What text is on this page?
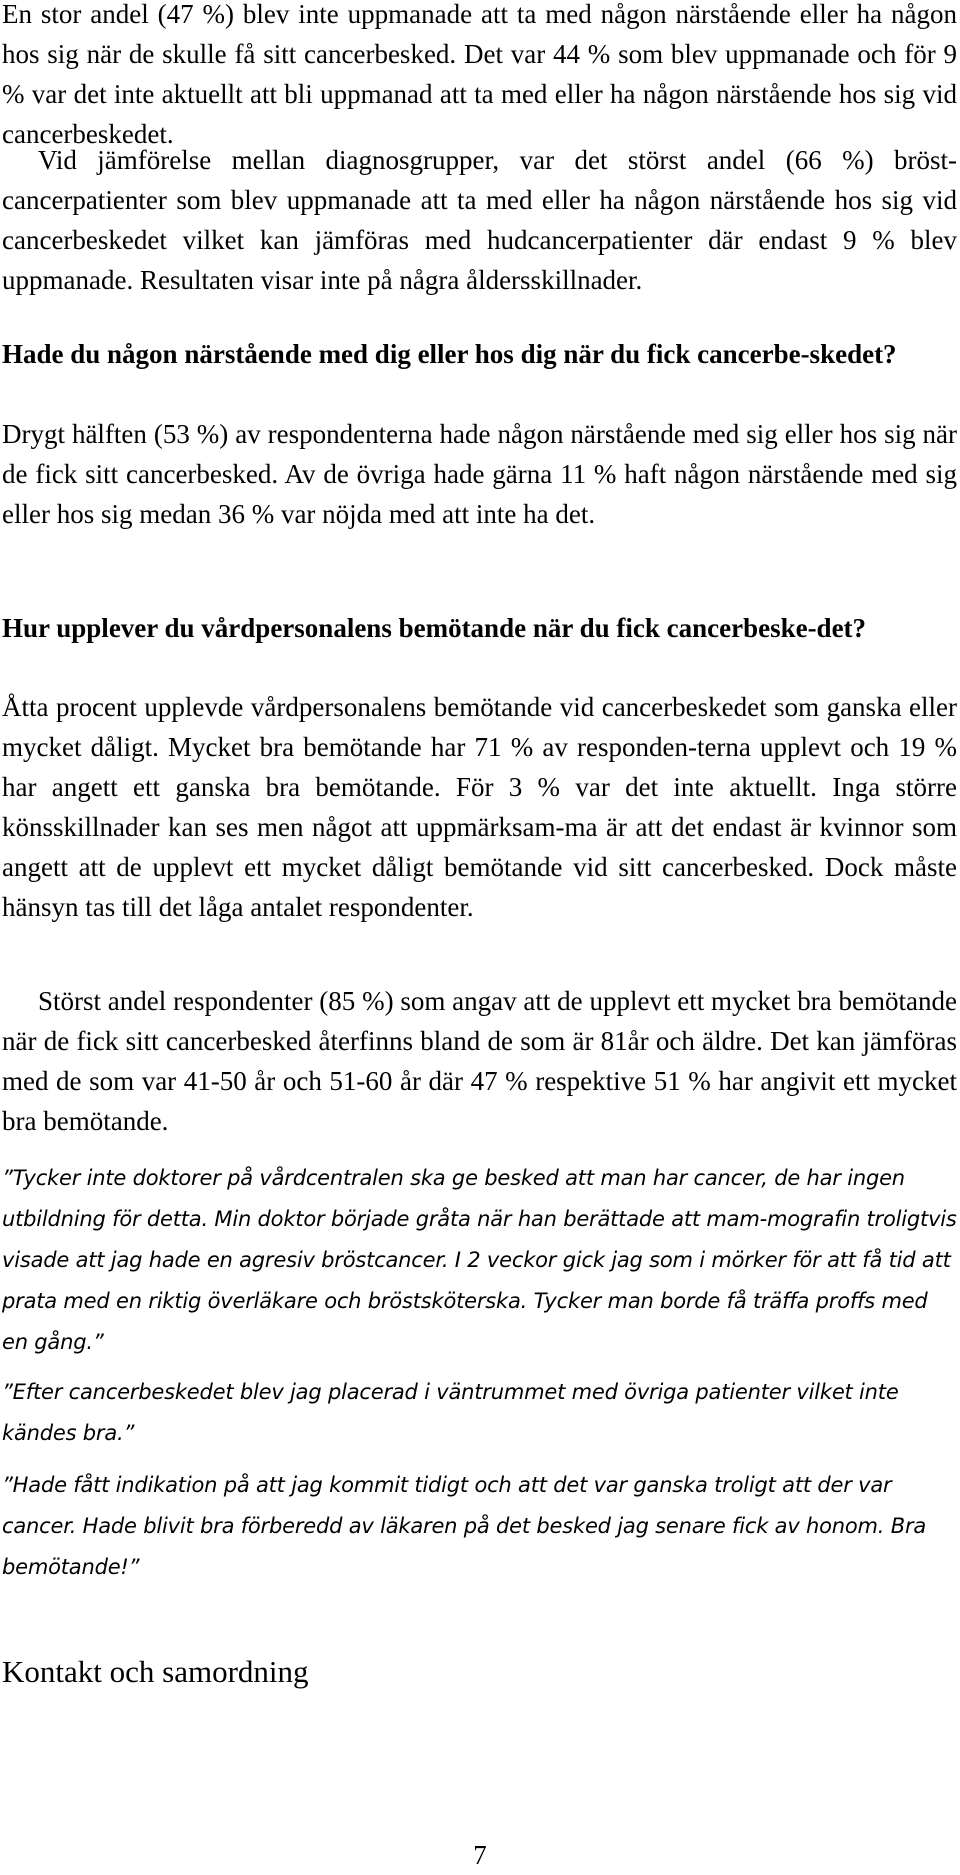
En stor andel (47 %) blev inte uppmanade att ta med någon närstående eller ha någon hos sig när de skulle få sitt cancerbesked. Det var 44 % som blev uppmanade och för 9 % var det inte aktuellt att bli uppmanad att ta med eller ha någon närstående hos sig vid cancerbeskedet.

Vid jämförelse mellan diagnosgrupper, var det störst andel (66 %) bröst-cancerpatienter som blev uppmanade att ta med eller ha någon närstående hos sig vid cancerbeskedet vilket kan jämföras med hudcancerpatienter där endast 9 % blev uppmanade. Resultaten visar inte på några åldersskillnader.

Hade du någon närstående med dig eller hos dig när du fick cancerbe-skedet?

Drygt hälften (53 %) av respondenterna hade någon närstående med sig eller hos sig när de fick sitt cancerbesked. Av de övriga hade gärna 11 % haft någon närstående med sig eller hos sig medan 36 % var nöjda med att inte ha det.

Hur upplever du vårdpersonalens bemötande när du fick cancerbeske-det?

Åtta procent upplevde vårdpersonalens bemötande vid cancerbeskedet som ganska eller mycket dåligt. Mycket bra bemötande har 71 % av responden-terna upplevt och 19 % har angett ett ganska bra bemötande. För 3 % var det inte aktuellt. Inga större könsskillnader kan ses men något att uppmärksam-ma är att det endast är kvinnor som angett att de upplevt ett mycket dåligt bemötande vid sitt cancerbesked. Dock måste hänsyn tas till det låga antalet respondenter.

Störst andel respondenter (85 %) som angav att de upplevt ett mycket bra bemötande när de fick sitt cancerbesked återfinns bland de som är 81år och äldre. Det kan jämföras med de som var 41-50 år och 51-60 år där 47 % respektive 51 % har angivit ett mycket bra bemötande.

”Tycker inte doktorer på vårdcentralen ska ge besked att man har cancer, de har ingen utbildning för detta. Min doktor började gråta när han berättade att mam-mografin troligtvis visade att jag hade en agresiv bröstcancer. I 2 veckor gick jag som i mörker för att få tid att prata med en riktig överläkare och bröstsköterska. Tycker man borde få träffa proffs med en gång.”

”Efter cancerbeskedet blev jag placerad i väntrummet med övriga patienter vilket inte kändes bra.”

”Hade fått indikation på att jag kommit tidigt och att det var ganska troligt att der var cancer. Hade blivit bra förberedd av läkaren på det besked jag senare fick av honom. Bra bemötande!”

Kontakt och samordning
7
